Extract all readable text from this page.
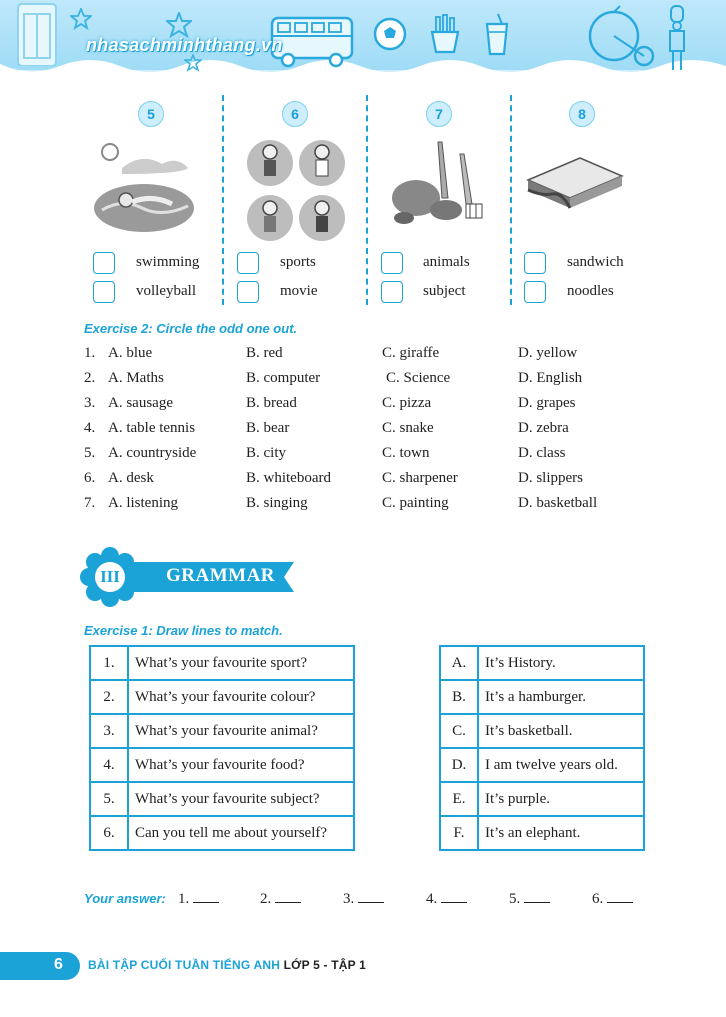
nhasachminhthang.vn
5	6	7	8
swimming
volleyball
sports
movie
animals
subject
sandwich
noodles
Exercise 2: Circle the odd one out.
1. A. blue	B. red	C. giraffe	D. yellow
2. A. Maths	B. computer	C. Science	D. English
3. A. sausage	B. bread	C. pizza	D. grapes
4. A. table tennis	B. bear	C. snake	D. zebra
5. A. countryside	B. city	C. town	D. class
6. A. desk	B. whiteboard	C. sharpener	D. slippers
7. A. listening	B. singing	C. painting	D. basketball
III GRAMMAR
Exercise 1: Draw lines to match.
1.	What’s your favourite sport?
2.	What’s your favourite colour?
3.	What’s your favourite animal?
4.	What’s your favourite food?
5.	What’s your favourite subject?
6.	Can you tell me about yourself?
A.	It’s History.
B.	It’s a hamburger.
C.	It’s basketball.
D.	I am twelve years old.
E.	It’s purple.
F.	It’s an elephant.
Your answer: 1.	2.	3.	4.	5.	6.
6 BÀI TẬP CUỐI TUẦN TIẾNG ANH LỚP 5 - TẬP 1
